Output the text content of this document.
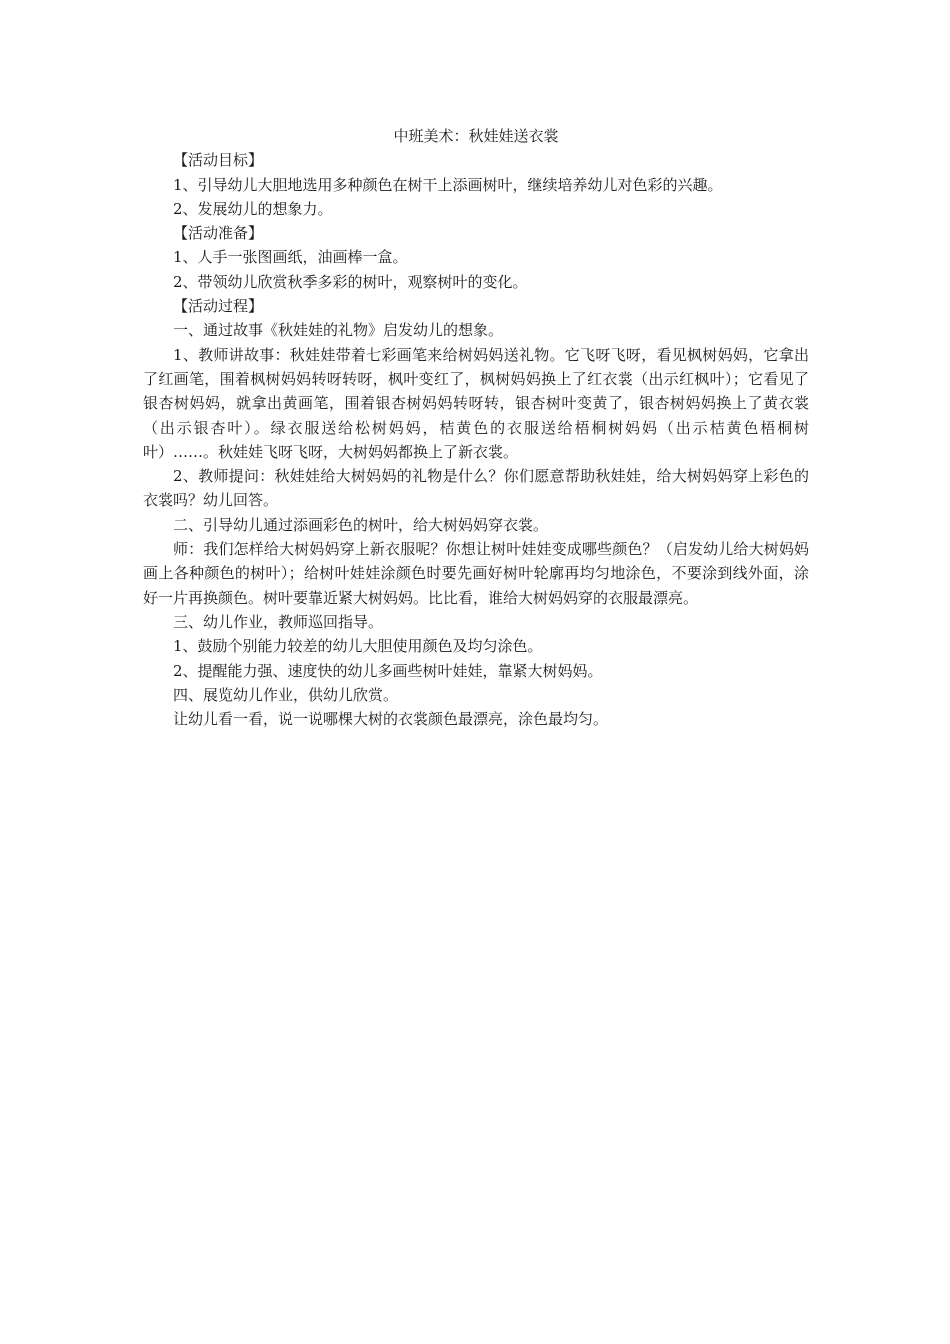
中班美术：秋娃娃送衣裳

【活动目标】

1、引导幼儿大胆地选用多种颜色在树干上添画树叶，继续培养幼儿对色彩的兴趣。

2、发展幼儿的想象力。

【活动准备】

1、人手一张图画纸，油画棒一盒。

2、带领幼儿欣赏秋季多彩的树叶，观察树叶的变化。

【活动过程】

一、通过故事《秋娃娃的礼物》启发幼儿的想象。

1、教师讲故事：秋娃娃带着七彩画笔来给树妈妈送礼物。它飞呀飞呀，看见枫树妈妈，它拿出了红画笔，围着枫树妈妈转呀转呀，枫叶变红了，枫树妈妈换上了红衣裳（出示红枫叶）；它看见了银杏树妈妈，就拿出黄画笔，围着银杏树妈妈转呀转，银杏树叶变黄了，银杏树妈妈换上了黄衣裳（出示银杏叶）。绿衣服送给松树妈妈，桔黄色的衣服送给梧桐树妈妈（出示桔黄色梧桐树叶）……。秋娃娃飞呀飞呀，大树妈妈都换上了新衣裳。

2、教师提问：秋娃娃给大树妈妈的礼物是什么？你们愿意帮助秋娃娃，给大树妈妈穿上彩色的衣裳吗？幼儿回答。

二、引导幼儿通过添画彩色的树叶，给大树妈妈穿衣裳。

师：我们怎样给大树妈妈穿上新衣服呢？你想让树叶娃娃变成哪些颜色？（启发幼儿给大树妈妈画上各种颜色的树叶）；给树叶娃娃涂颜色时要先画好树叶轮廓再均匀地涂色，不要涂到线外面，涂好一片再换颜色。树叶要靠近紧大树妈妈。比比看，谁给大树妈妈穿的衣服最漂亮。

三、幼儿作业，教师巡回指导。

1、鼓励个别能力较差的幼儿大胆使用颜色及均匀涂色。

2、提醒能力强、速度快的幼儿多画些树叶娃娃，靠紧大树妈妈。

四、展览幼儿作业，供幼儿欣赏。

让幼儿看一看，说一说哪棵大树的衣裳颜色最漂亮，涂色最均匀。
